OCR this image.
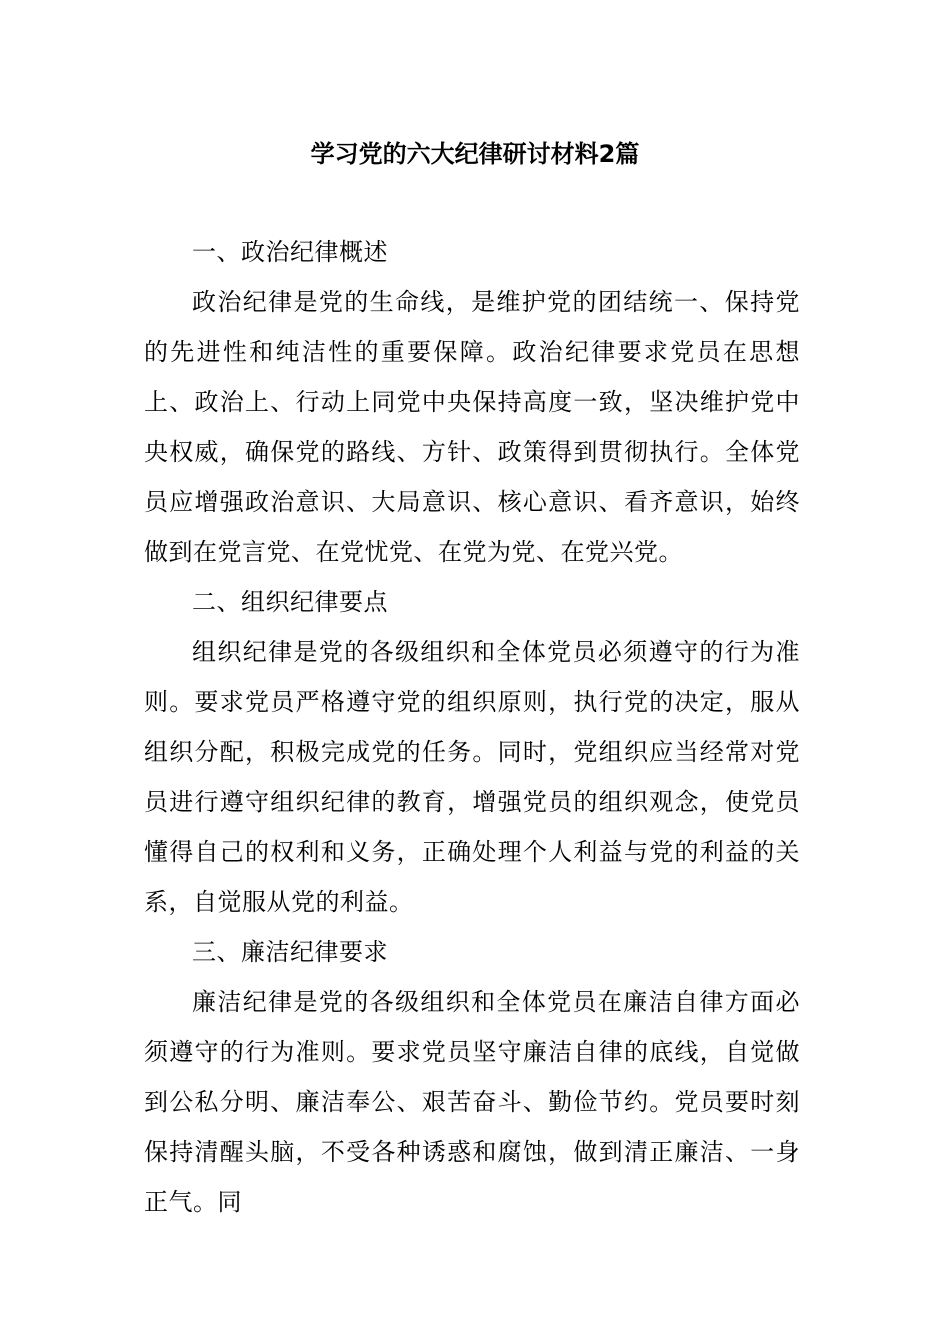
学习党的六大纪律研讨材料2篇

一、政治纪律概述

政治纪律是党的生命线，是维护党的团结统一、保持党的先进性和纯洁性的重要保障。政治纪律要求党员在思想上、政治上、行动上同党中央保持高度一致，坚决维护党中央权威，确保党的路线、方针、政策得到贯彻执行。全体党员应增强政治意识、大局意识、核心意识、看齐意识，始终做到在党言党、在党忧党、在党为党、在党兴党。

二、组织纪律要点

组织纪律是党的各级组织和全体党员必须遵守的行为准则。要求党员严格遵守党的组织原则，执行党的决定，服从组织分配，积极完成党的任务。同时，党组织应当经常对党员进行遵守组织纪律的教育，增强党员的组织观念，使党员懂得自己的权利和义务，正确处理个人利益与党的利益的关系，自觉服从党的利益。

三、廉洁纪律要求

廉洁纪律是党的各级组织和全体党员在廉洁自律方面必须遵守的行为准则。要求党员坚守廉洁自律的底线，自觉做到公私分明、廉洁奉公、艰苦奋斗、勤俭节约。党员要时刻保持清醒头脑，不受各种诱惑和腐蚀，做到清正廉洁、一身正气。同
